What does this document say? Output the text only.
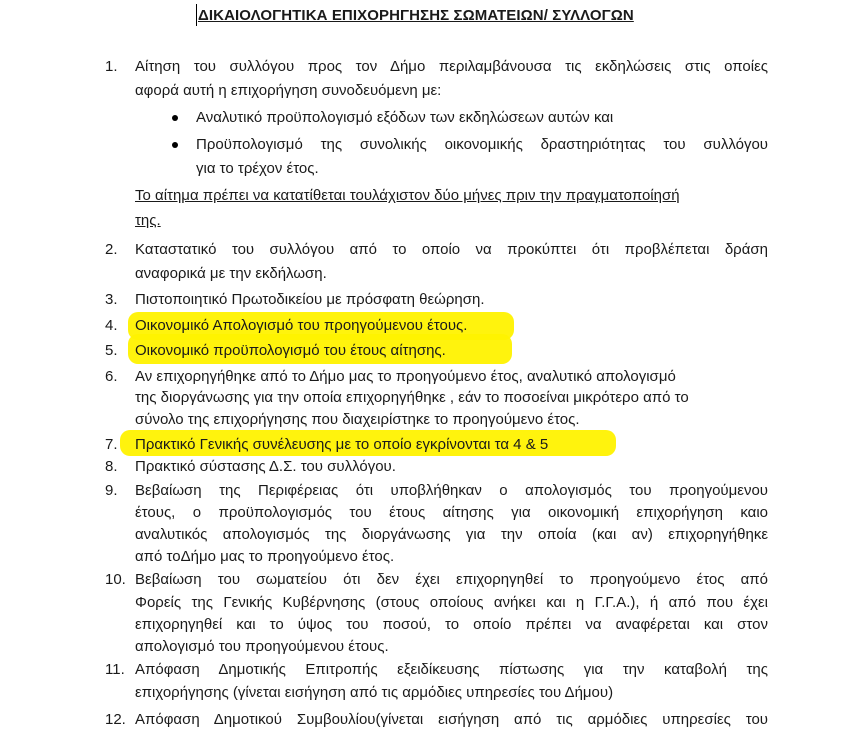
ΔΙΚΑΙΟΛΟΓΗΤΙΚΑ ΕΠΙΧΟΡΗΓΗΣΗΣ ΣΩΜΑΤΕΙΩΝ/ ΣΥΛΛΟΓΩΝ
1. Αίτηση του συλλόγου προς τον Δήμο περιλαμβάνουσα τις εκδηλώσεις στις οποίες
αφορά αυτή η επιχορήγηση συνοδευόμενη με:
Αναλυτικό προϋπολογισμό εξόδων των εκδηλώσεων αυτών και
Προϋπολογισμό της συνολικής οικονομικής δραστηριότητας του συλλόγου
για το τρέχον έτος.
Το αίτημα πρέπει να κατατίθεται τουλάχιστον δύο μήνες πριν την πραγματοποίησή
της.
2. Καταστατικό του συλλόγου από το οποίο να προκύπτει ότι προβλέπεται δράση
αναφορικά με την εκδήλωση.
3. Πιστοποιητικό Πρωτοδικείου με πρόσφατη θεώρηση.
4. Οικονομικό Απολογισμό του προηγούμενου έτους.
5. Οικονομικό προϋπολογισμό του έτους αίτησης.
6. Αν επιχορηγήθηκε από το Δήμο μας το προηγούμενο έτος, αναλυτικό απολογισμό
της διοργάνωσης για την οποία επιχορηγήθηκε , εάν το ποσοείναι μικρότερο από το
σύνολο της επιχορήγησης που διαχειρίστηκε το προηγούμενο έτος.
7. Πρακτικό Γενικής συνέλευσης με το οποίο εγκρίνονται τα 4 & 5
8. Πρακτικό σύστασης Δ.Σ. του συλλόγου.
9. Βεβαίωση της Περιφέρειας ότι υποβλήθηκαν ο απολογισμός του προηγούμενου
έτους, ο προϋπολογισμός του έτους αίτησης για οικονομική επιχορήγηση καιο
αναλυτικός απολογισμός της διοργάνωσης για την οποία (και αν) επιχορηγήθηκε
από τοΔήμο μας το προηγούμενο έτος.
10. Βεβαίωση του σωματείου ότι δεν έχει επιχορηγηθεί το προηγούμενο έτος από
Φορείς της Γενικής Κυβέρνησης (στους οποίους ανήκει και η Γ.Γ.Α.), ή από που έχει
επιχορηγηθεί και το ύψος του ποσού, το οποίο πρέπει να αναφέρεται και στον
απολογισμό του προηγούμενου έτους.
11. Απόφαση Δημοτικής Επιτροπής εξειδίκευσης πίστωσης για την καταβολή της
επιχορήγησης (γίνεται εισήγηση από τις αρμόδιες υπηρεσίες του Δήμου)
12. Απόφαση Δημοτικού Συμβουλίου(γίνεται εισήγηση από τις αρμόδιες υπηρεσίες του
